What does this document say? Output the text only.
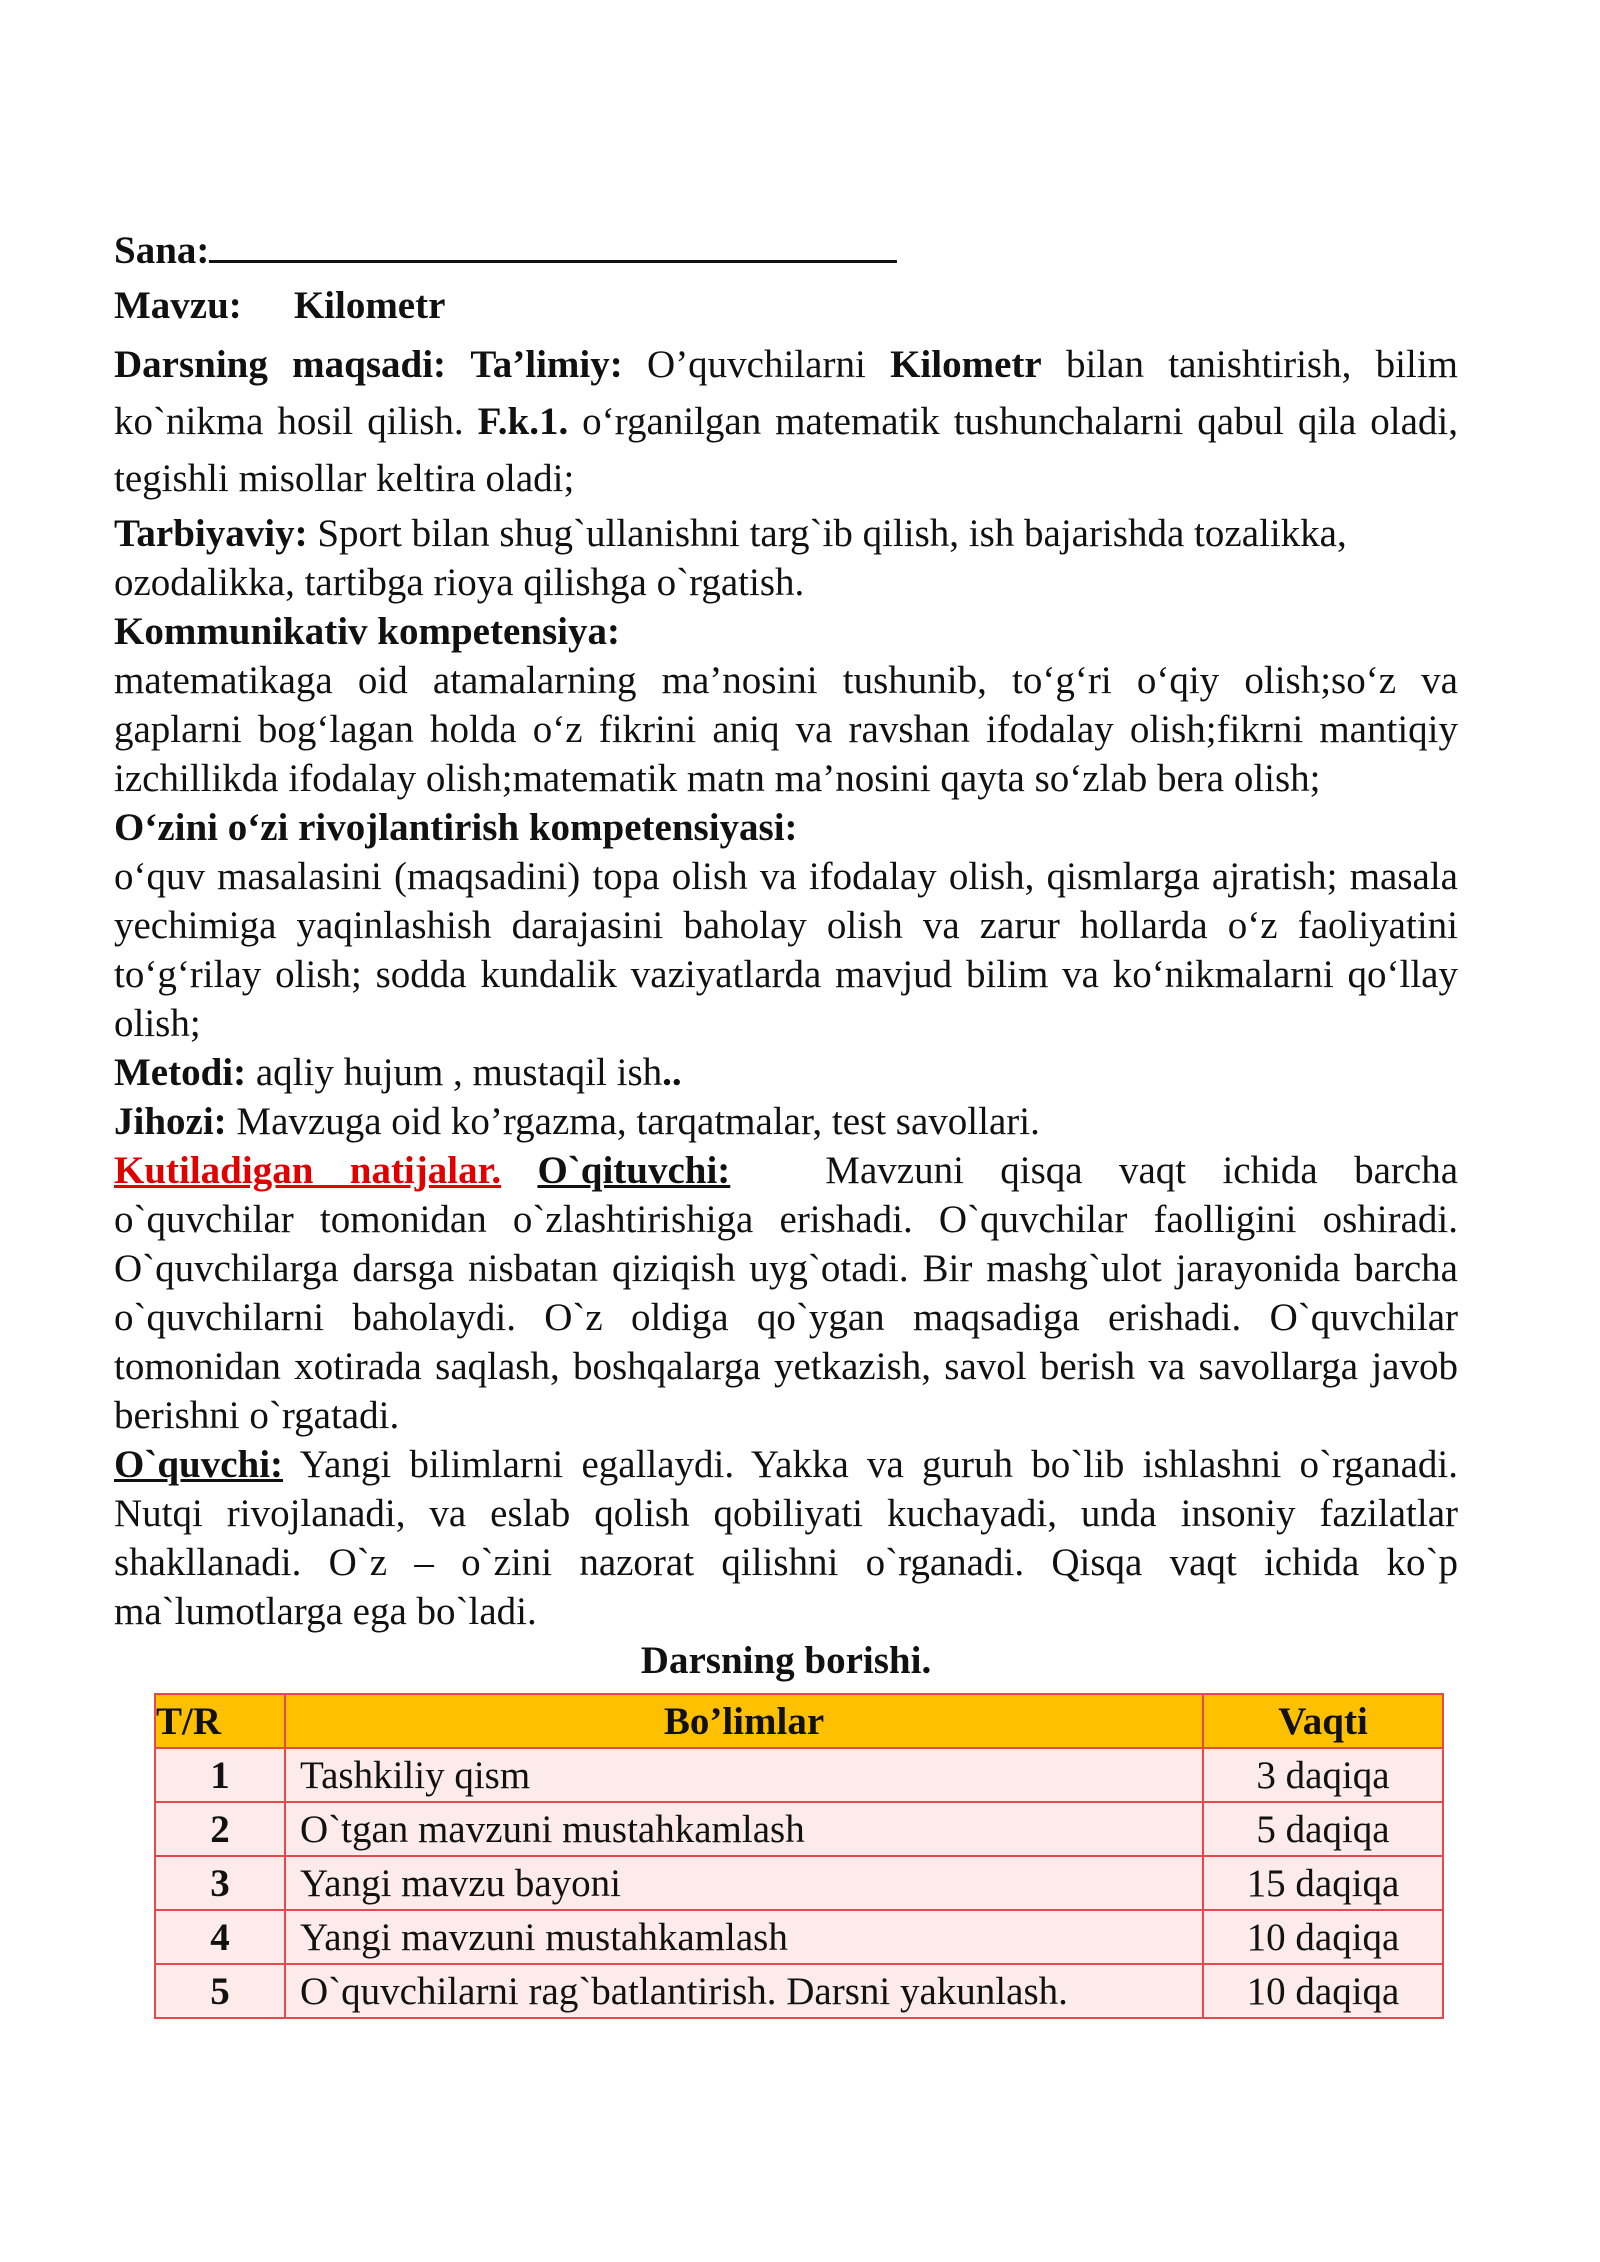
Sana:

Mavzu: Kilometr

Darsning maqsadi: Ta’limiy: O’quvchilarni Kilometr bilan tanishtirish, bilim ko`nikma hosil qilish. F.k.1. o‘rganilgan matematik tushunchalarni qabul qila oladi, tegishli misollar keltira oladi;

Tarbiyaviy: Sport bilan shug`ullanishni targ`ib qilish, ish bajarishda tozalikka, ozodalikka, tartibga rioya qilishga o`rgatish.

Kommunikativ kompetensiya:

matematikaga oid atamalarning ma’nosini tushunib, to‘g‘ri o‘qiy olish;so‘z va gaplarni bog‘lagan holda o‘z fikrini aniq va ravshan ifodalay olish;fikrni mantiqiy izchillikda ifodalay olish;matematik matn ma’nosini qayta so‘zlab bera olish;

O‘zini o‘zi rivojlantirish kompetensiyasi:

o‘quv masalasini (maqsadini) topa olish va ifodalay olish, qismlarga ajratish; masala yechimiga yaqinlashish darajasini baholay olish va zarur hollarda o‘z faoliyatini to‘g‘rilay olish; sodda kundalik vaziyatlarda mavjud bilim va ko‘nikmalarni qo‘llay olish;

Metodi: aqliy hujum , mustaqil ish..

Jihozi: Mavzuga oid ko’rgazma, tarqatmalar, test savollari.

Kutiladigan natijalar. O`qituvchi: Mavzuni qisqa vaqt ichida barcha o`quvchilar tomonidan o`zlashtirishiga erishadi. O`quvchilar faolligini oshiradi. O`quvchilarga darsga nisbatan qiziqish uyg`otadi. Bir mashg`ulot jarayonida barcha o`quvchilarni baholaydi. O`z oldiga qo`ygan maqsadiga erishadi. O`quvchilar tomonidan xotirada saqlash, boshqalarga yetkazish, savol berish va savollarga javob berishni o`rgatadi.

O`quvchi: Yangi bilimlarni egallaydi. Yakka va guruh bo`lib ishlashni o`rganadi. Nutqi rivojlanadi, va eslab qolish qobiliyati kuchayadi, unda insoniy fazilatlar shakllanadi. O`z – o`zini nazorat qilishni o`rganadi. Qisqa vaqt ichida ko`p ma`lumotlarga ega bo`ladi.

Darsning borishi.

T/R	Bo’limlar	Vaqti
1	Tashkiliy qism	3 daqiqa
2	O`tgan mavzuni mustahkamlash	5 daqiqa
3	Yangi mavzu bayoni	15 daqiqa
4	Yangi mavzuni mustahkamlash	10 daqiqa
5	O`quvchilarni rag`batlantirish. Darsni yakunlash.	10 daqiqa
